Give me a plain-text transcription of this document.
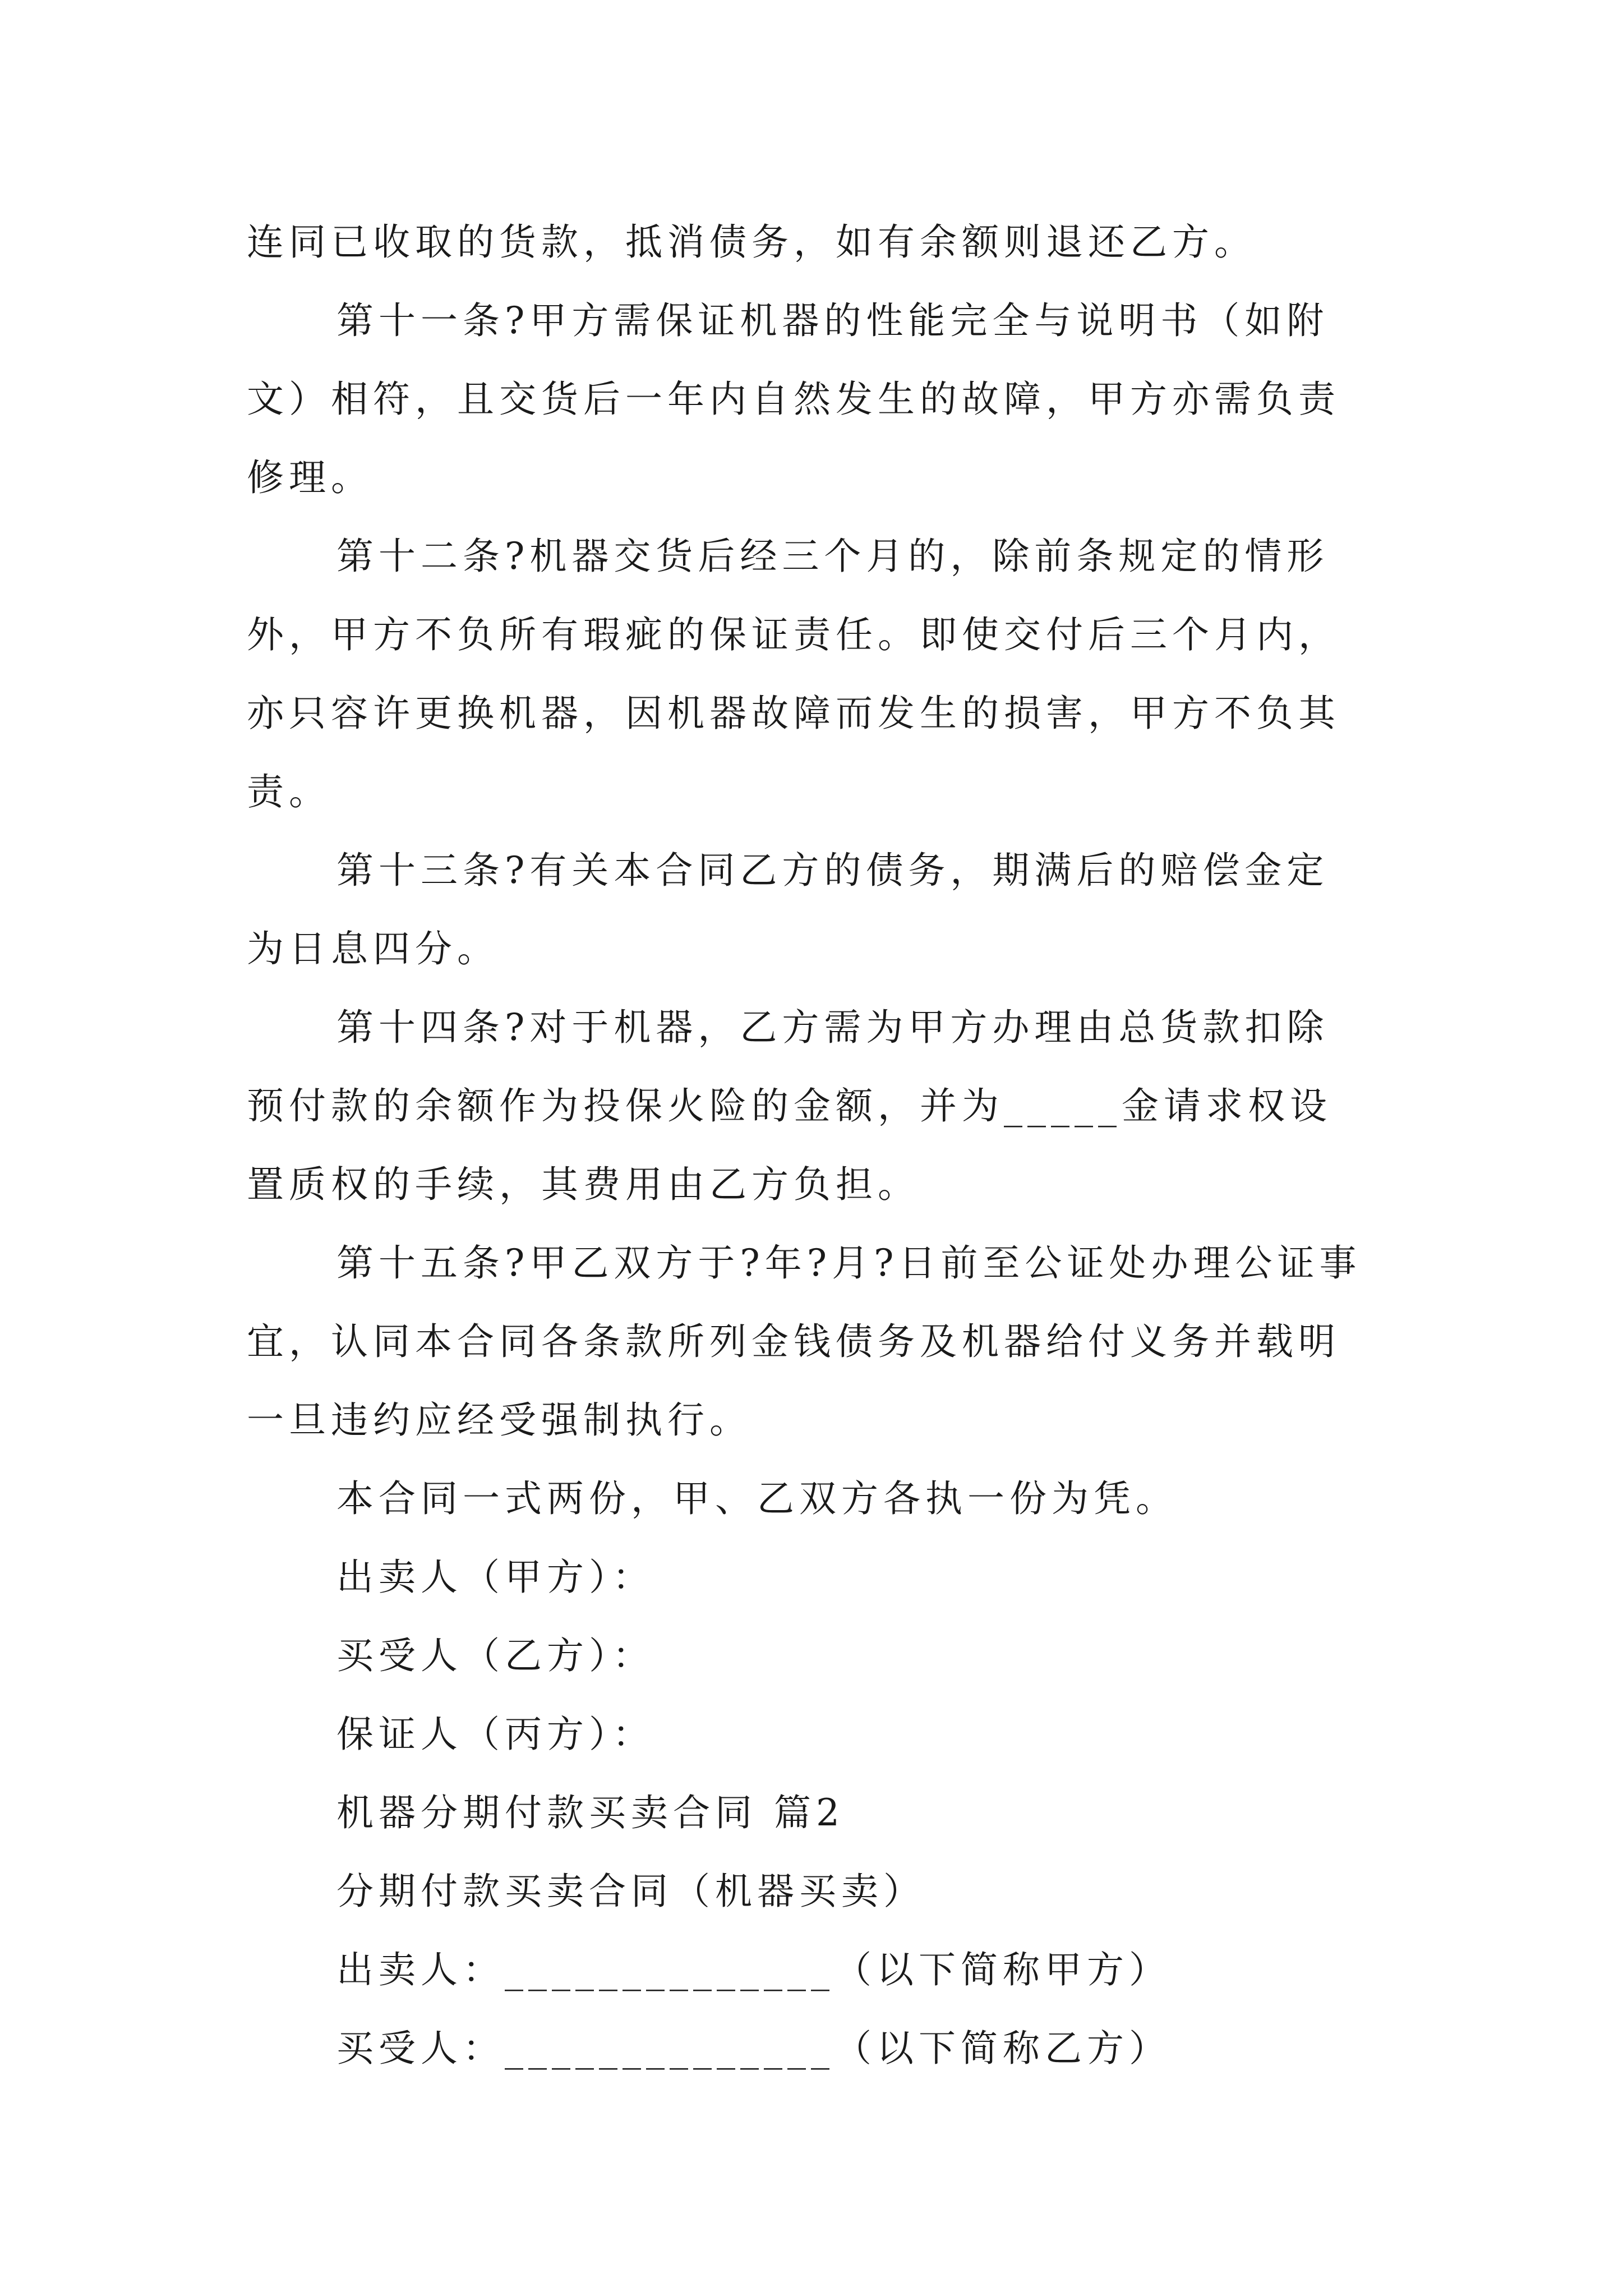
连同已收取的货款，抵消债务，如有余额则退还乙方。
第十一条?甲方需保证机器的性能完全与说明书（如附
文）相符，且交货后一年内自然发生的故障，甲方亦需负责
修理。
第十二条?机器交货后经三个月的，除前条规定的情形
外，甲方不负所有瑕疵的保证责任。即使交付后三个月内，
亦只容许更换机器，因机器故障而发生的损害，甲方不负其
责。
第十三条?有关本合同乙方的债务，期满后的赔偿金定
为日息四分。
第十四条?对于机器，乙方需为甲方办理由总货款扣除
预付款的余额作为投保火险的金额，并为_____金请求权设
置质权的手续，其费用由乙方负担。
第十五条?甲乙双方于?年?月?日前至公证处办理公证事
宜，认同本合同各条款所列金钱债务及机器给付义务并载明
一旦违约应经受强制执行。
本合同一式两份，甲、乙双方各执一份为凭。
出卖人（甲方）：
买受人（乙方）：
保证人（丙方）：
机器分期付款买卖合同 篇2
分期付款买卖合同（机器买卖）
出卖人：______________（以下简称甲方）
买受人：______________（以下简称乙方）
